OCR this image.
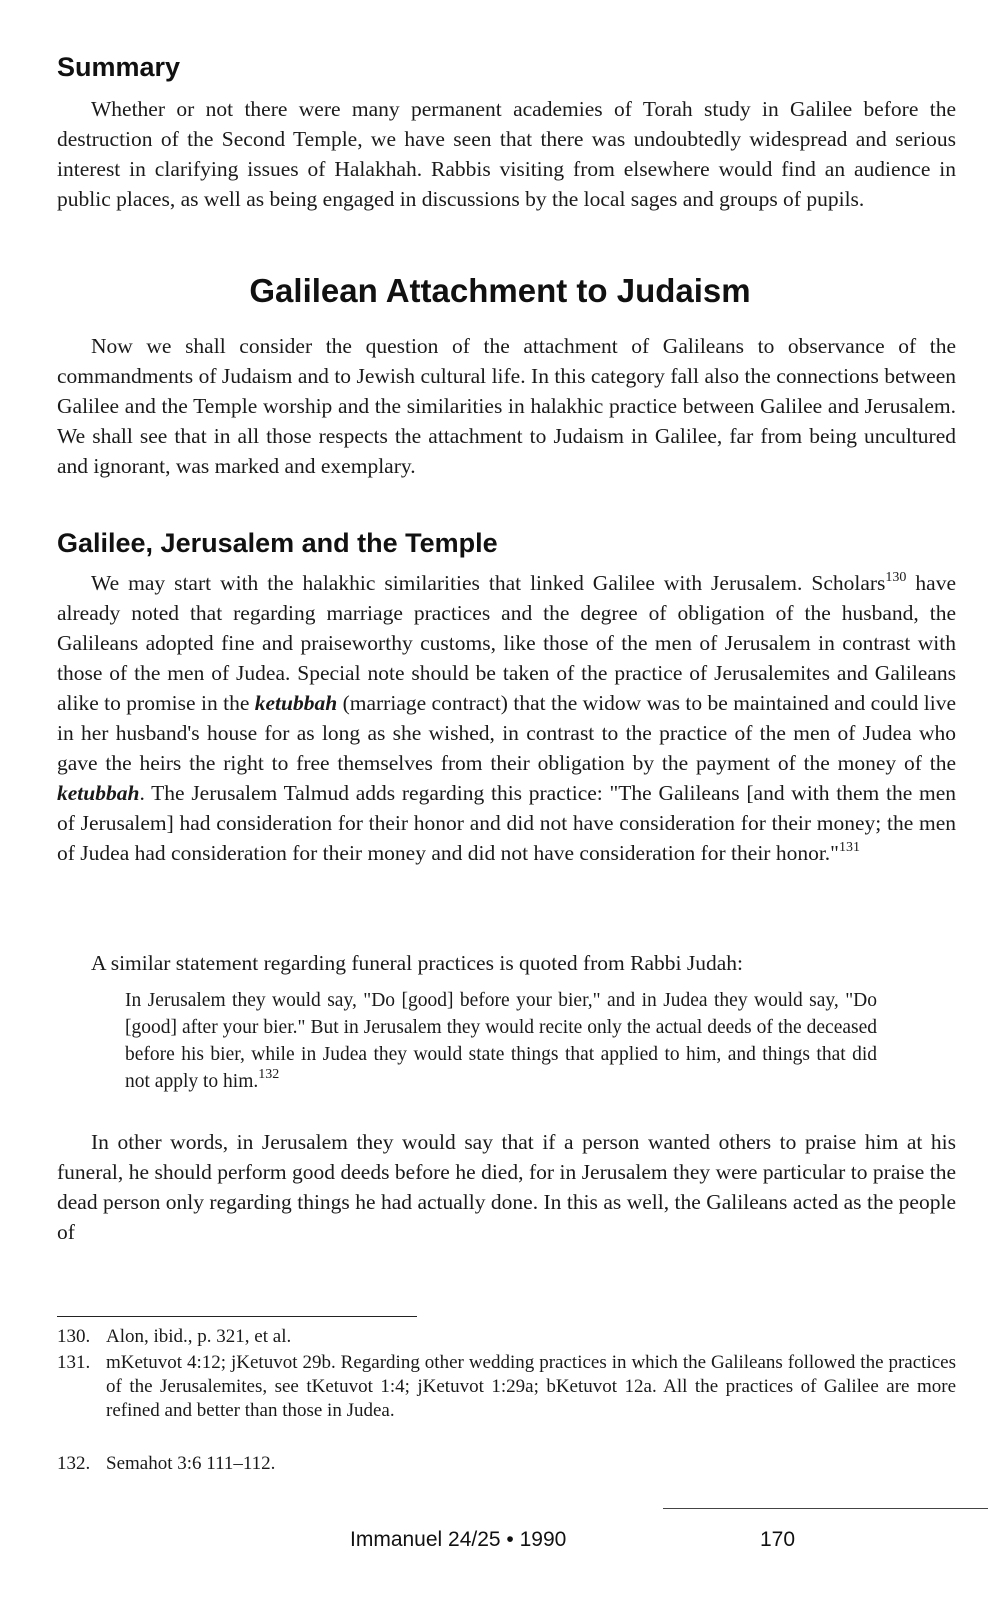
Summary

Whether or not there were many permanent academies of Torah study in Galilee before the destruction of the Second Temple, we have seen that there was undoubtedly widespread and serious interest in clarifying issues of Halakhah. Rabbis visiting from elsewhere would find an audience in public places, as well as being engaged in discussions by the local sages and groups of pupils.

Galilean Attachment to Judaism

Now we shall consider the question of the attachment of Galileans to observance of the commandments of Judaism and to Jewish cultural life. In this category fall also the connections between Galilee and the Temple worship and the similarities in halakhic practice between Galilee and Jerusalem. We shall see that in all those respects the attachment to Judaism in Galilee, far from being uncultured and ignorant, was marked and exemplary.

Galilee, Jerusalem and the Temple

We may start with the halakhic similarities that linked Galilee with Jerusalem. Scholars$^{130}$ have already noted that regarding marriage practices and the degree of obligation of the husband, the Galileans adopted fine and praiseworthy customs, like those of the men of Jerusalem in contrast with those of the men of Judea. Special note should be taken of the practice of Jerusalemites and Galileans alike to promise in the ketubbah (marriage contract) that the widow was to be maintained and could live in her husband's house for as long as she wished, in contrast to the practice of the men of Judea who gave the heirs the right to free themselves from their obligation by the payment of the money of the ketubbah. The Jerusalem Talmud adds regarding this practice: "The Galileans [and with them the men of Jerusalem] had consideration for their honor and did not have consideration for their money; the men of Judea had consideration for their money and did not have consideration for their honor."$^{131}$

A similar statement regarding funeral practices is quoted from Rabbi Judah:

In Jerusalem they would say, "Do [good] before your bier," and in Judea they would say, "Do [good] after your bier." But in Jerusalem they would recite only the actual deeds of the deceased before his bier, while in Judea they would state things that applied to him, and things that did not apply to him.$^{132}$

In other words, in Jerusalem they would say that if a person wanted others to praise him at his funeral, he should perform good deeds before he died, for in Jerusalem they were particular to praise the dead person only regarding things he had actually done. In this as well, the Galileans acted as the people of

130. Alon, ibid., p. 321, et al.
131. mKetuvot 4:12; jKetuvot 29b. Regarding other wedding practices in which the Galileans followed the practices of the Jerusalemites, see tKetuvot 1:4; jKetuvot 1:29a; bKetuvot 12a. All the practices of Galilee are more refined and better than those in Judea.
132. Semahot 3:6 111–112.
Immanuel 24/25 • 1990	170
